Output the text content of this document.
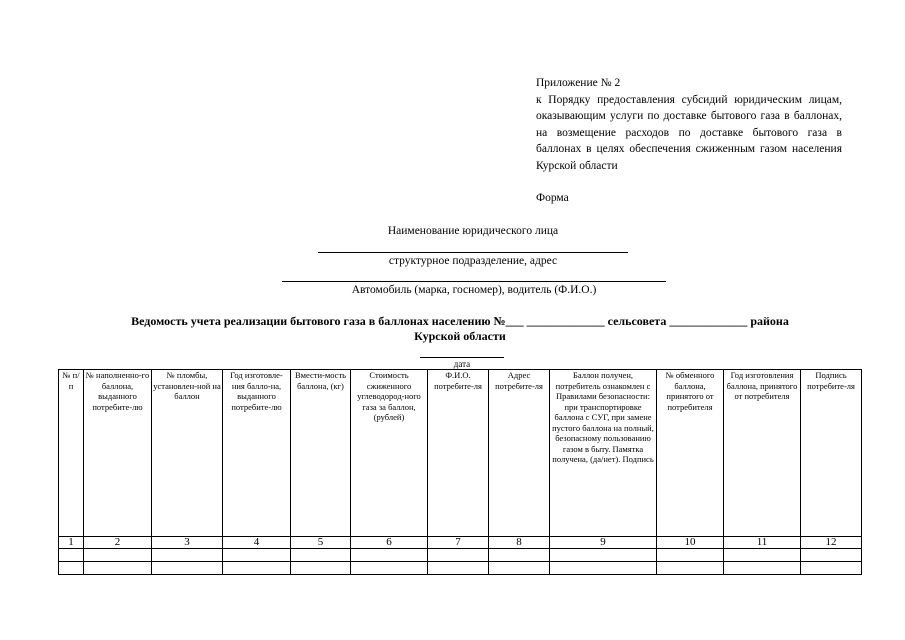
Приложение № 2
к Порядку предоставления субсидий юридическим лицам, оказывающим услуги по доставке бытового газа в баллонах, на возмещение расходов по доставке бытового газа в баллонах в целях обеспечения сжиженным газом населения Курской области
Форма
Наименование юридического лица
структурное подразделение, адрес
Автомобиль (марка, госномер), водитель (Ф.И.О.)
Ведомость учета реализации бытового газа в баллонах населению №___ _____________ сельсовета _____________ района
Курской области
дата
№ п/ п	№ наполненно-го баллона, выданного потребите-лю	№ пломбы, установлен-ной на баллон	Год изготовле-ния балло-на, выданного потребите-лю	Вмести-мость баллона, (кг)	Стоимость сжиженного углеводород-ного газа за баллон, (рублей)	Ф.И.О. потребите-ля	Адрес потребите-ля	Баллон получен, потребитель ознакомлен с Правилами безопасности: при транспортировке баллона с СУГ, при замене пустого баллона на полный, безопасному пользованию газом в быту. Памятка получена, (да/нет). Подпись	№ обменного баллона, принятого от потребителя	Год изготовления баллона, принятого от потребителя	Подпись потребите-ля
1	2	3	4	5	6	7	8	9	10	11	12
